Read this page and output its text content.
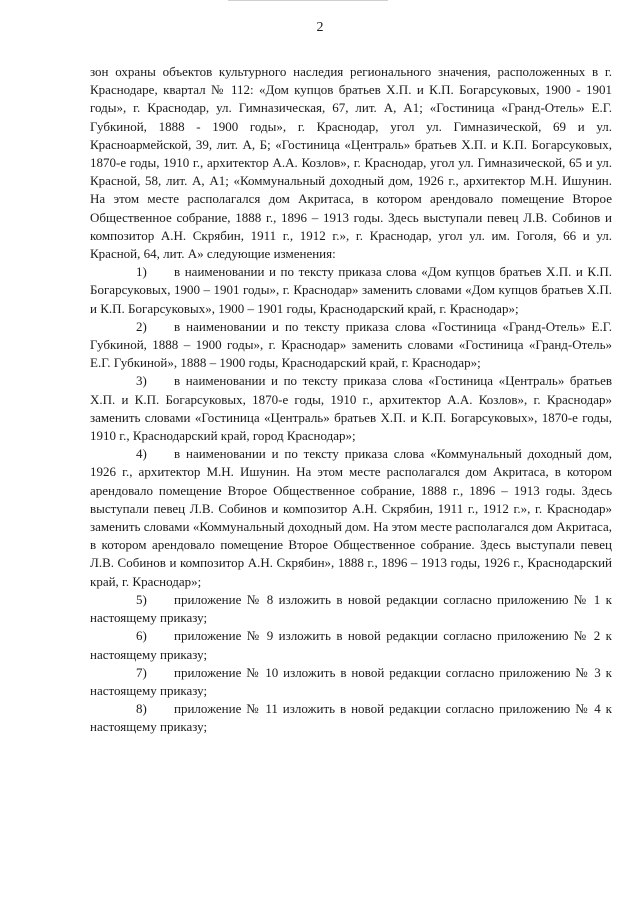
2

зон охраны объектов культурного наследия регионального значения, расположенных в г. Краснодаре, квартал № 112: «Дом купцов братьев Х.П. и К.П. Богарсуковых, 1900 - 1901 годы», г. Краснодар, ул. Гимназическая, 67, лит. А, А1; «Гостиница «Гранд-Отель» Е.Г. Губкиной, 1888 - 1900 годы», г. Краснодар, угол ул. Гимназической, 69 и ул. Красноармейской, 39, лит. А, Б; «Гостиница «Централь» братьев Х.П. и К.П. Богарсуковых, 1870-е годы, 1910 г., архитектор А.А. Козлов», г. Краснодар, угол ул. Гимназической, 65 и ул. Красной, 58, лит. А, А1; «Коммунальный доходный дом, 1926 г., архитектор М.Н. Ишунин. На этом месте располагался дом Акритаса, в котором арендовало помещение Второе Общественное собрание, 1888 г., 1896 – 1913 годы. Здесь выступали певец Л.В. Собинов и композитор А.Н. Скрябин, 1911 г., 1912 г.», г. Краснодар, угол ул. им. Гоголя, 66 и ул. Красной, 64, лит. А» следующие изменения:

1) в наименовании и по тексту приказа слова «Дом купцов братьев Х.П. и К.П. Богарсуковых, 1900 – 1901 годы», г. Краснодар» заменить словами «Дом купцов братьев Х.П. и К.П. Богарсуковых», 1900 – 1901 годы, Краснодарский край, г. Краснодар»;

2) в наименовании и по тексту приказа слова «Гостиница «Гранд-Отель» Е.Г. Губкиной, 1888 – 1900 годы», г. Краснодар» заменить словами «Гостиница «Гранд-Отель» Е.Г. Губкиной», 1888 – 1900 годы, Краснодарский край, г. Краснодар»;

3) в наименовании и по тексту приказа слова «Гостиница «Централь» братьев Х.П. и К.П. Богарсуковых, 1870-е годы, 1910 г., архитектор А.А. Козлов», г. Краснодар» заменить словами «Гостиница «Централь» братьев Х.П. и К.П. Богарсуковых», 1870-е годы, 1910 г., Краснодарский край, город Краснодар»;

4) в наименовании и по тексту приказа слова «Коммунальный доходный дом, 1926 г., архитектор М.Н. Ишунин. На этом месте располагался дом Акритаса, в котором арендовало помещение Второе Общественное собрание, 1888 г., 1896 – 1913 годы. Здесь выступали певец Л.В. Собинов и композитор А.Н. Скрябин, 1911 г., 1912 г.», г. Краснодар» заменить словами «Коммунальный доходный дом. На этом месте располагался дом Акритаса, в котором арендовало помещение Второе Общественное собрание. Здесь выступали певец Л.В. Собинов и композитор А.Н. Скрябин», 1888 г., 1896 – 1913 годы, 1926 г., Краснодарский край, г. Краснодар»;

5) приложение № 8 изложить в новой редакции согласно приложению № 1 к настоящему приказу;

6) приложение № 9 изложить в новой редакции согласно приложению № 2 к настоящему приказу;

7) приложение № 10 изложить в новой редакции согласно приложению № 3 к настоящему приказу;

8) приложение № 11 изложить в новой редакции согласно приложению № 4 к настоящему приказу;
